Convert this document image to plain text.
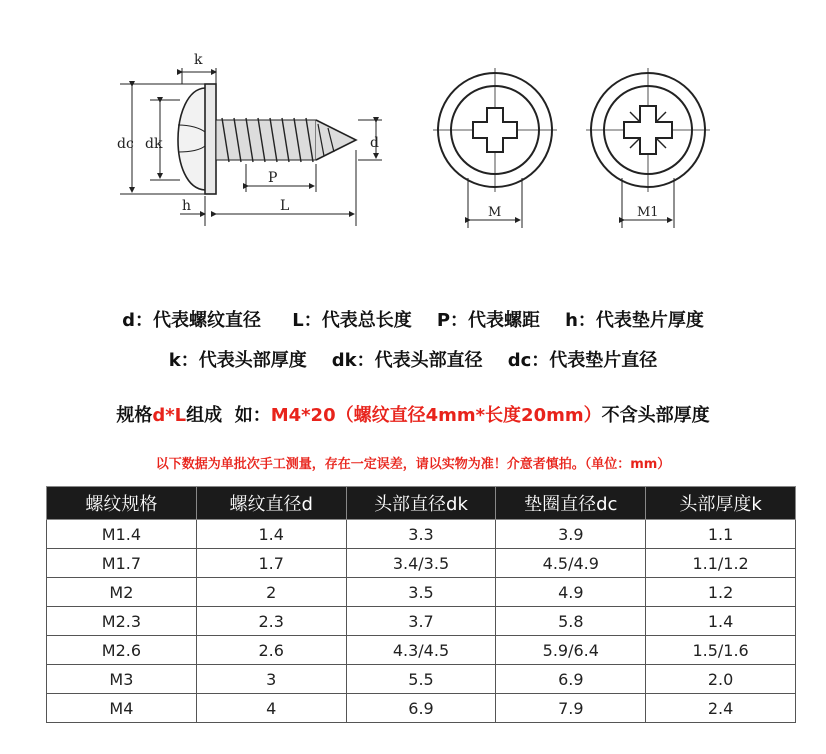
k
dc dk	d
P
h	L	M	M1
d：代表螺纹直径     L：代表总长度    P：代表螺距    h：代表垫片厚度
k：代表头部厚度    dk：代表头部直径    dc：代表垫片直径
规格d*L组成  如：M4*20（螺纹直径4mm*长度20mm）不含头部厚度
以下数据为单批次手工测量，存在一定误差，请以实物为准！介意者慎拍。（单位：mm）
螺纹规格	螺纹直径d	头部直径dk	垫圈直径dc	头部厚度k
M1.4	1.4	3.3	3.9	1.1
M1.7	1.7	3.4/3.5	4.5/4.9	1.1/1.2
M2	2	3.5	4.9	1.2
M2.3	2.3	3.7	5.8	1.4
M2.6	2.6	4.3/4.5	5.9/6.4	1.5/1.6
M3	3	5.5	6.9	2.0
M4	4	6.9	7.9	2.4
